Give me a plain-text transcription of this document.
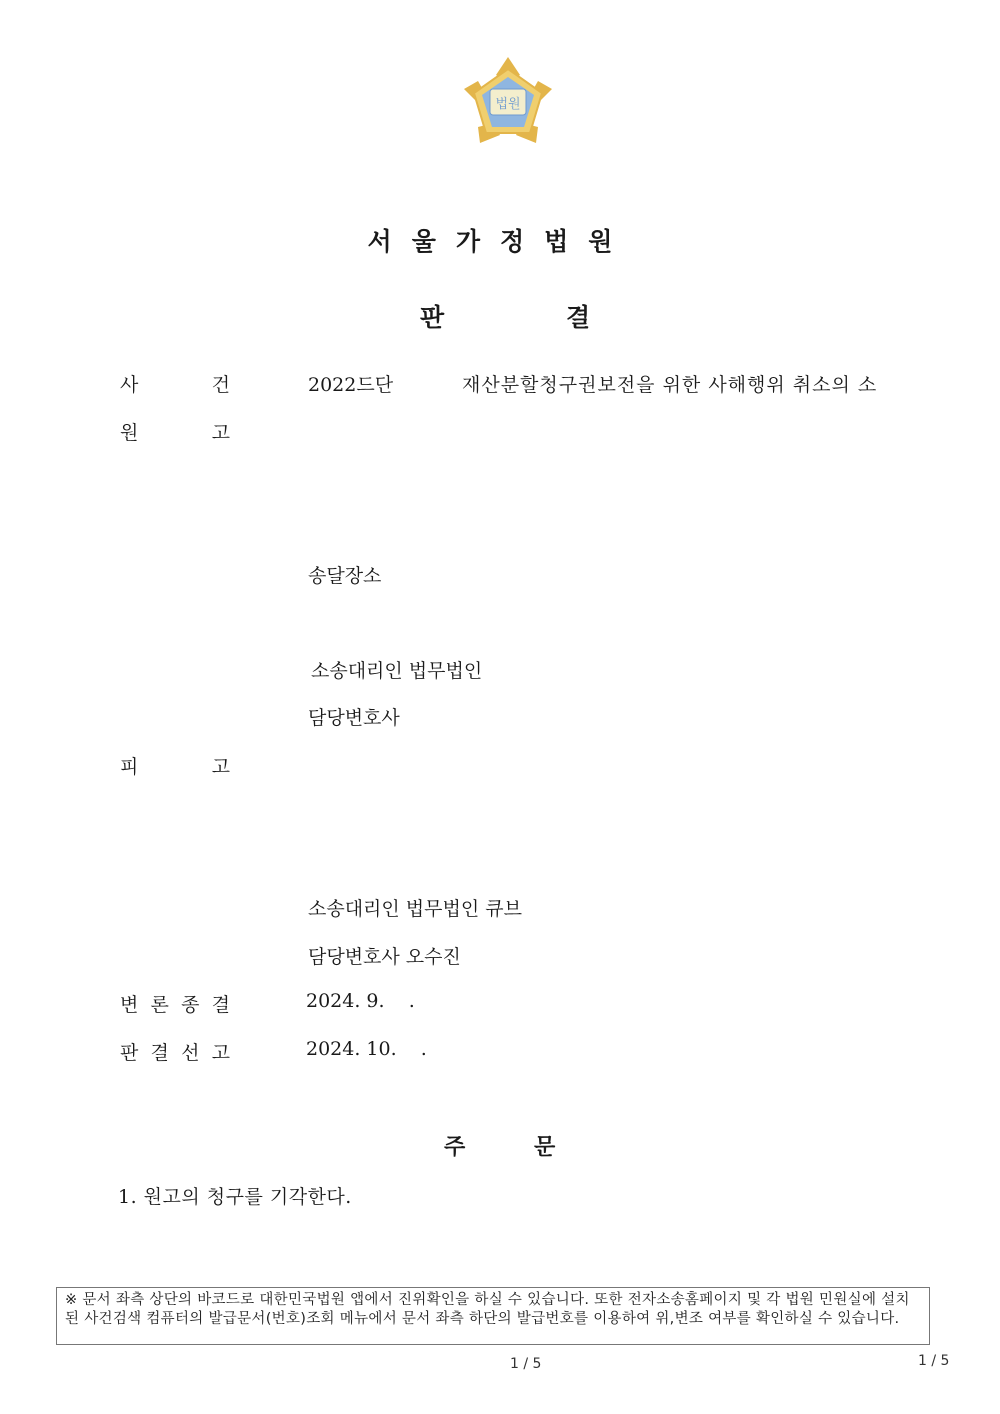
법원
서울가정법원
판	결
사	건	2022드단	재산분할청구권보전을 위한 사해행위 취소의 소
원	고
송달장소
소송대리인 법무법인
담당변호사
피	고
소송대리인 법무법인 큐브
담당변호사 오수진
변 론 종 결	2024. 9.    .
판 결 선 고	2024. 10.    .
주	문
1. 원고의 청구를 기각한다.
※ 문서 좌측 상단의 바코드로 대한민국법원 앱에서 진위확인을 하실 수 있습니다. 또한 전자소송홈페이지 및 각 법원 민원실에 설치된 사건검색 컴퓨터의 발급문서(번호)조회 메뉴에서 문서 좌측 하단의 발급번호를 이용하여 위,변조 여부를 확인하실 수 있습니다.
1 / 5	1 / 5
